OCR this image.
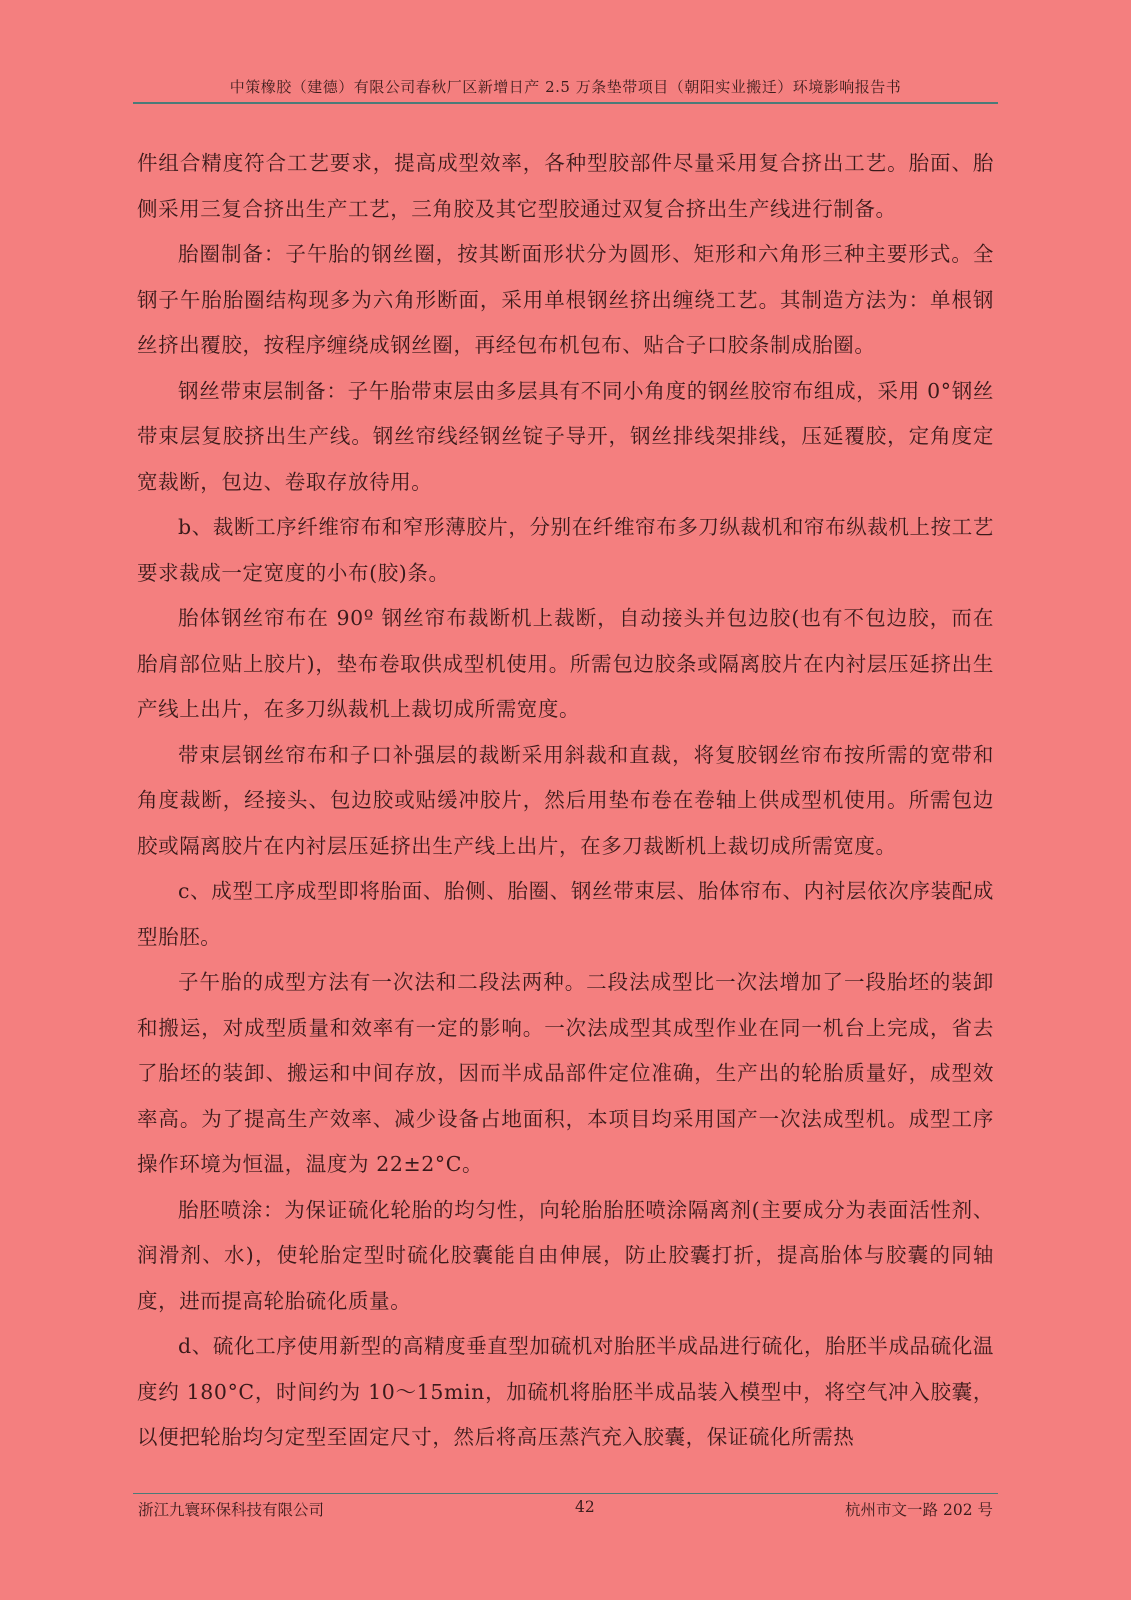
中策橡胶（建德）有限公司春秋厂区新增日产 2.5 万条垫带项目（朝阳实业搬迁）环境影响报告书

件组合精度符合工艺要求，提高成型效率，各种型胶部件尽量采用复合挤出工艺。胎面、胎侧采用三复合挤出生产工艺，三角胶及其它型胶通过双复合挤出生产线进行制备。

胎圈制备：子午胎的钢丝圈，按其断面形状分为圆形、矩形和六角形三种主要形式。全钢子午胎胎圈结构现多为六角形断面，采用单根钢丝挤出缠绕工艺。其制造方法为：单根钢丝挤出覆胶，按程序缠绕成钢丝圈，再经包布机包布、贴合子口胶条制成胎圈。

钢丝带束层制备：子午胎带束层由多层具有不同小角度的钢丝胶帘布组成，采用 0°钢丝带束层复胶挤出生产线。钢丝帘线经钢丝锭子导开，钢丝排线架排线，压延覆胶，定角度定宽裁断，包边、卷取存放待用。

b、裁断工序纤维帘布和窄形薄胶片，分别在纤维帘布多刀纵裁机和帘布纵裁机上按工艺要求裁成一定宽度的小布(胶)条。

胎体钢丝帘布在 90º 钢丝帘布裁断机上裁断，自动接头并包边胶(也有不包边胶，而在胎肩部位贴上胶片)，垫布卷取供成型机使用。所需包边胶条或隔离胶片在内衬层压延挤出生产线上出片，在多刀纵裁机上裁切成所需宽度。

带束层钢丝帘布和子口补强层的裁断采用斜裁和直裁，将复胶钢丝帘布按所需的宽带和角度裁断，经接头、包边胶或贴缓冲胶片，然后用垫布卷在卷轴上供成型机使用。所需包边胶或隔离胶片在内衬层压延挤出生产线上出片，在多刀裁断机上裁切成所需宽度。

c、成型工序成型即将胎面、胎侧、胎圈、钢丝带束层、胎体帘布、内衬层依次序装配成型胎胚。

子午胎的成型方法有一次法和二段法两种。二段法成型比一次法增加了一段胎坯的装卸和搬运，对成型质量和效率有一定的影响。一次法成型其成型作业在同一机台上完成，省去了胎坯的装卸、搬运和中间存放，因而半成品部件定位准确，生产出的轮胎质量好，成型效率高。为了提高生产效率、减少设备占地面积，本项目均采用国产一次法成型机。成型工序操作环境为恒温，温度为 22±2°C。

胎胚喷涂：为保证硫化轮胎的均匀性，向轮胎胎胚喷涂隔离剂(主要成分为表面活性剂、润滑剂、水)，使轮胎定型时硫化胶囊能自由伸展，防止胶囊打折，提高胎体与胶囊的同轴度，进而提高轮胎硫化质量。

d、硫化工序使用新型的高精度垂直型加硫机对胎胚半成品进行硫化，胎胚半成品硫化温度约 180°C，时间约为 10～15min，加硫机将胎胚半成品装入模型中，将空气冲入胶囊，以便把轮胎均匀定型至固定尺寸，然后将高压蒸汽充入胶囊，保证硫化所需热

浙江九寰环保科技有限公司	42	杭州市文一路 202 号
